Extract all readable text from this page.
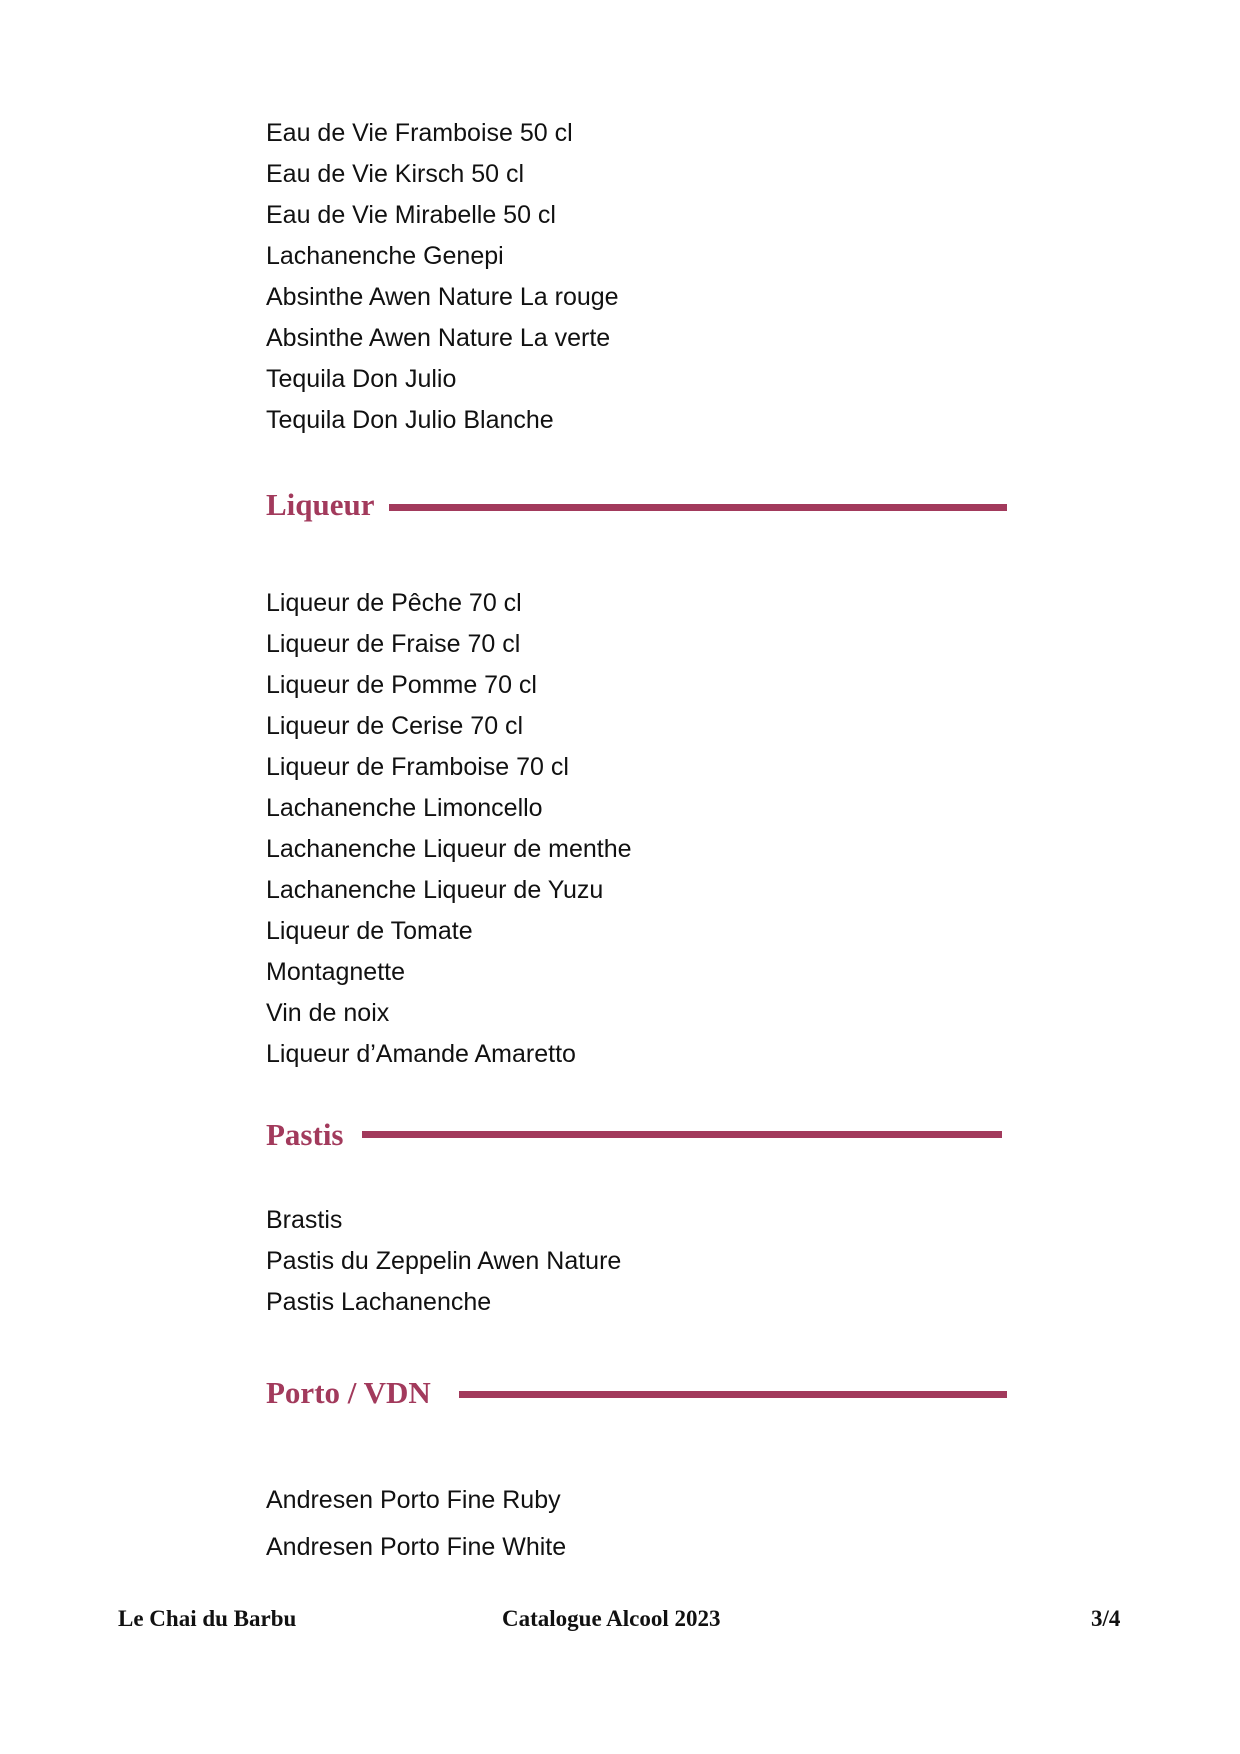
Eau de Vie Framboise 50 cl
Eau de Vie Kirsch 50 cl
Eau de Vie Mirabelle 50 cl
Lachanenche Genepi
Absinthe Awen Nature La rouge
Absinthe Awen Nature La verte
Tequila Don Julio
Tequila Don Julio Blanche
Liqueur
Liqueur de Pêche 70 cl
Liqueur de Fraise 70 cl
Liqueur de Pomme 70 cl
Liqueur de Cerise 70 cl
Liqueur de Framboise 70 cl
Lachanenche Limoncello
Lachanenche Liqueur de menthe
Lachanenche Liqueur de Yuzu
Liqueur de Tomate
Montagnette
Vin de noix
Liqueur d’Amande Amaretto
Pastis
Brastis
Pastis du Zeppelin Awen Nature
Pastis Lachanenche
Porto / VDN
Andresen Porto Fine Ruby
Andresen Porto Fine White
Le Chai du Barbu	Catalogue Alcool 2023	3/4
